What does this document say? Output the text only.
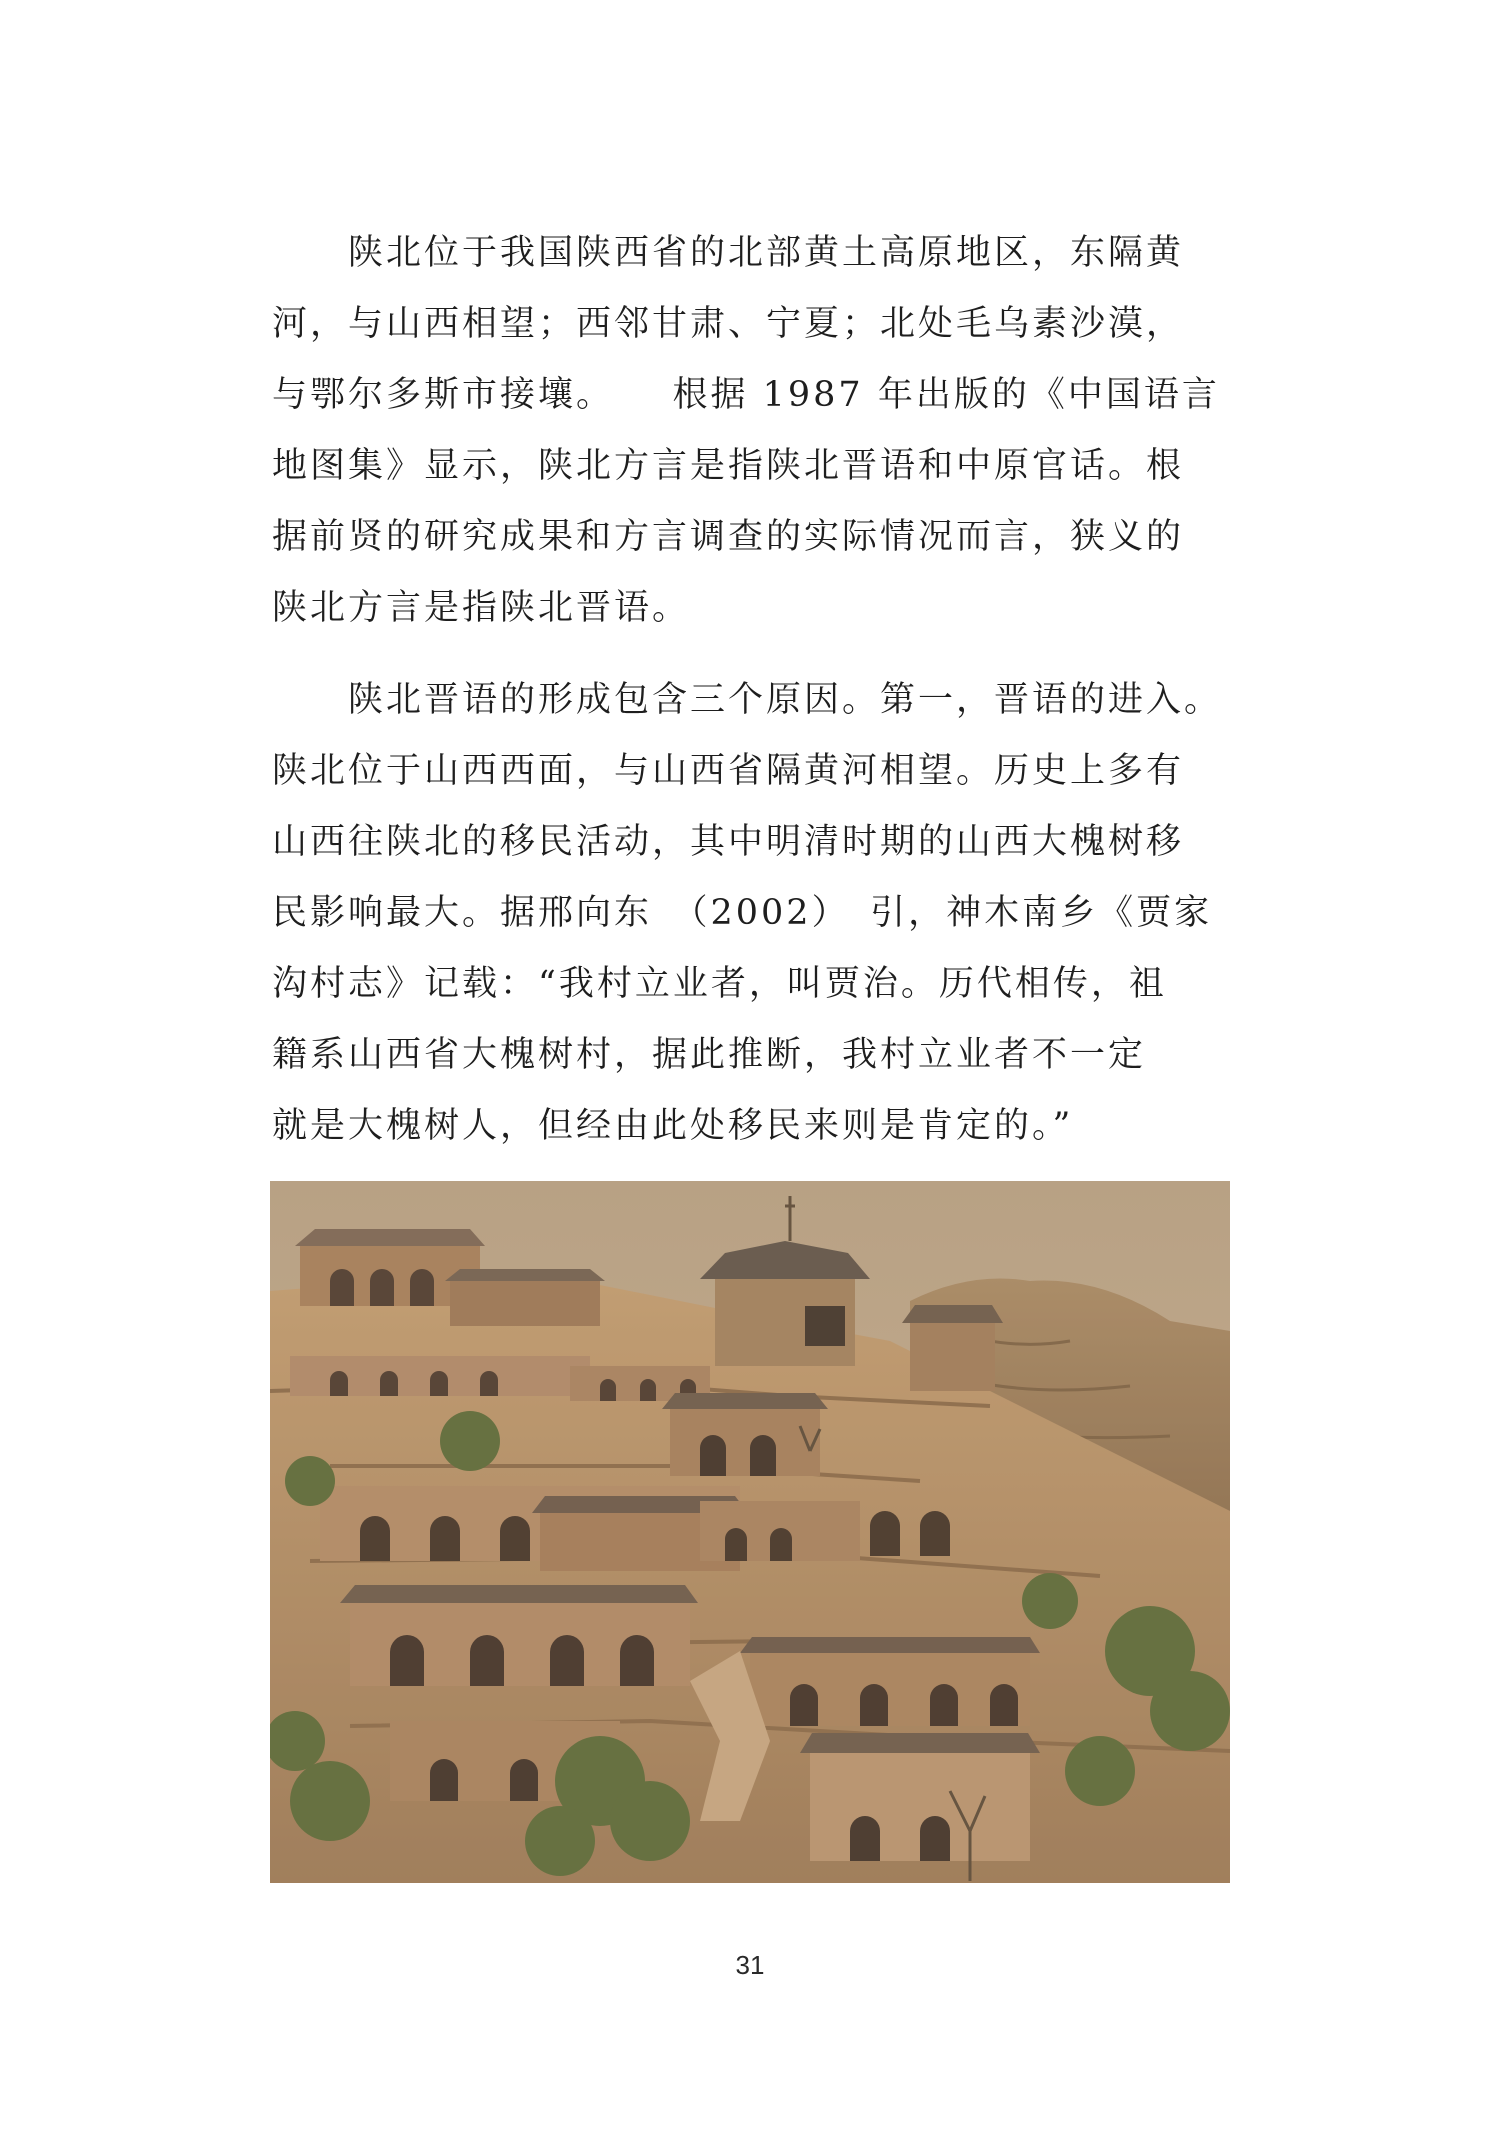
　　陕北位于我国陕西省的北部黄土高原地区，东隔黄
河，与山西相望；西邻甘肃、宁夏；北处毛乌素沙漠，
与鄂尔多斯市接壤。　　根据 1987 年出版的《中国语言
地图集》显示，陕北方言是指陕北晋语和中原官话。根
据前贤的研究成果和方言调查的实际情况而言，狭义的
陕北方言是指陕北晋语。

　　陕北晋语的形成包含三个原因。第一，晋语的进入。
陕北位于山西西面，与山西省隔黄河相望。历史上多有
山西往陕北的移民活动，其中明清时期的山西大槐树移
民影响最大。据邢向东　（2002）　引，神木南乡《贾家
沟村志》记载：“我村立业者，叫贾治。历代相传，祖
籍系山西省大槐树村，据此推断，我村立业者不一定
就是大槐树人，但经由此处移民来则是肯定的。”

31
